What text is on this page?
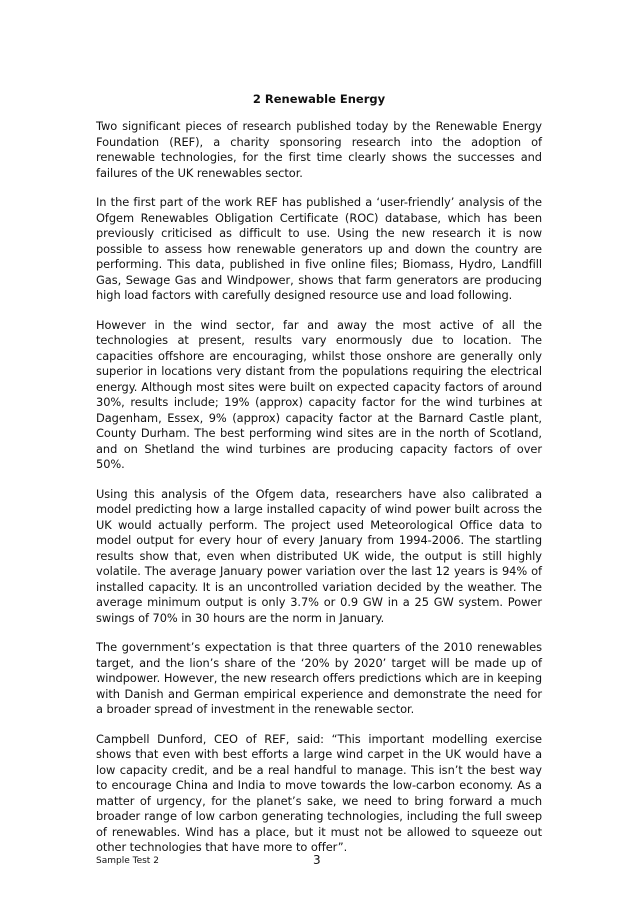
2 Renewable Energy

Two significant pieces of research published today by the Renewable Energy Foundation (REF), a charity sponsoring research into the adoption of renewable technologies, for the first time clearly shows the successes and failures of the UK renewables sector.

In the first part of the work REF has published a ‘user-friendly’ analysis of the Ofgem Renewables Obligation Certificate (ROC) database, which has been previously criticised as difficult to use. Using the new research it is now possible to assess how renewable generators up and down the country are performing. This data, published in five online files; Biomass, Hydro, Landfill Gas, Sewage Gas and Windpower, shows that farm generators are producing high load factors with carefully designed resource use and load following.

However in the wind sector, far and away the most active of all the technologies at present, results vary enormously due to location. The capacities offshore are encouraging, whilst those onshore are generally only superior in locations very distant from the populations requiring the electrical energy. Although most sites were built on expected capacity factors of around 30%, results include; 19% (approx) capacity factor for the wind turbines at Dagenham, Essex, 9% (approx) capacity factor at the Barnard Castle plant, County Durham. The best performing wind sites are in the north of Scotland, and on Shetland the wind turbines are producing capacity factors of over 50%.

Using this analysis of the Ofgem data, researchers have also calibrated a model predicting how a large installed capacity of wind power built across the UK would actually perform. The project used Meteorological Office data to model output for every hour of every January from 1994-2006. The startling results show that, even when distributed UK wide, the output is still highly volatile. The average January power variation over the last 12 years is 94% of installed capacity. It is an uncontrolled variation decided by the weather. The average minimum output is only 3.7% or 0.9 GW in a 25 GW system. Power swings of 70% in 30 hours are the norm in January.

The government’s expectation is that three quarters of the 2010 renewables target, and the lion’s share of the ‘20% by 2020’ target will be made up of windpower. However, the new research offers predictions which are in keeping with Danish and German empirical experience and demonstrate the need for a broader spread of investment in the renewable sector.

Campbell Dunford, CEO of REF, said: “This important modelling exercise shows that even with best efforts a large wind carpet in the UK would have a low capacity credit, and be a real handful to manage. This isn’t the best way to encourage China and India to move towards the low-carbon economy. As a matter of urgency, for the planet’s sake, we need to bring forward a much broader range of low carbon generating technologies, including the full sweep of renewables. Wind has a place, but it must not be allowed to squeeze out other technologies that have more to offer”.

Sample Test 2	3
